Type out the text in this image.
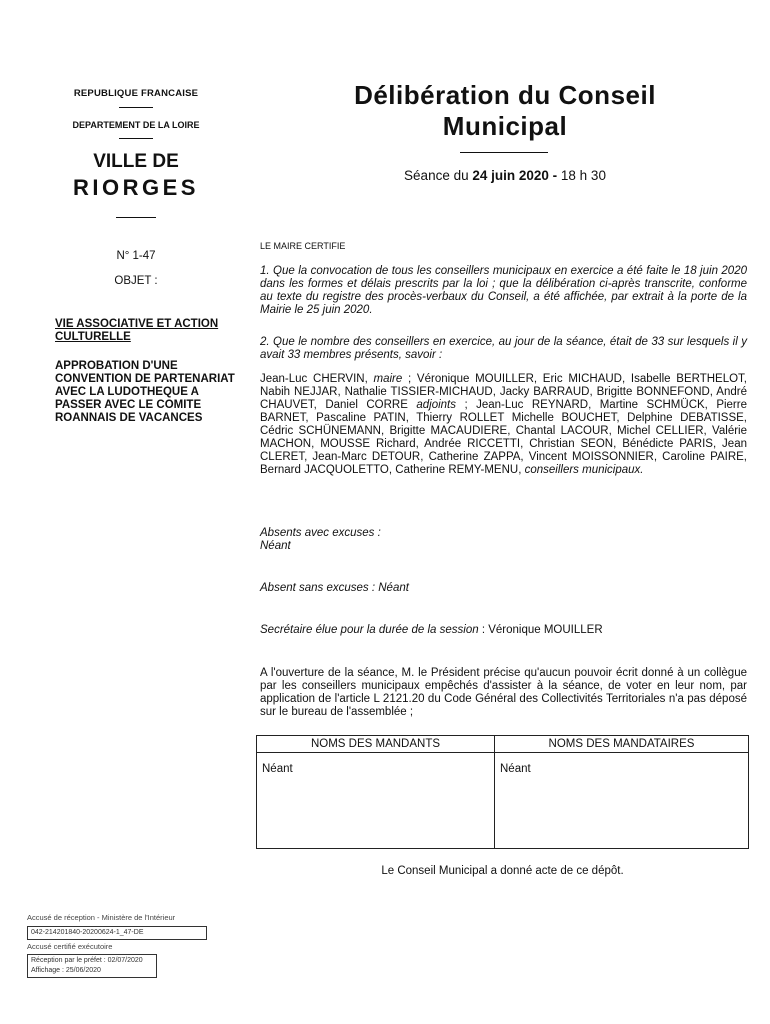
REPUBLIQUE FRANCAISE
DEPARTEMENT DE LA LOIRE
VILLE DE
RIORGES
N° 1-47
OBJET :
VIE ASSOCIATIVE ET ACTION CULTURELLE
APPROBATION D'UNE CONVENTION DE PARTENARIAT AVEC LA LUDOTHEQUE A PASSER AVEC LE COMITE ROANNAIS DE VACANCES
Délibération du Conseil
Municipal
Séance du 24 juin 2020 - 18 h 30
LE MAIRE CERTIFIE
1. Que la convocation de tous les conseillers municipaux en exercice a été faite le 18 juin 2020 dans les formes et délais prescrits par la loi ; que la délibération ci-après transcrite, conforme au texte du registre des procès-verbaux du Conseil, a été affichée, par extrait à la porte de la Mairie le 25 juin 2020.
2. Que le nombre des conseillers en exercice, au jour de la séance, était de 33 sur lesquels il y avait 33 membres présents, savoir :
Jean-Luc CHERVIN, maire ; Véronique MOUILLER, Eric MICHAUD, Isabelle BERTHELOT, Nabih NEJJAR, Nathalie TISSIER-MICHAUD, Jacky BARRAUD, Brigitte BONNEFOND, André CHAUVET, Daniel CORRE adjoints ; Jean-Luc REYNARD, Martine SCHMÜCK, Pierre BARNET, Pascaline PATIN, Thierry ROLLET Michelle BOUCHET, Delphine DEBATISSE, Cédric SCHÜNEMANN, Brigitte MACAUDIERE, Chantal LACOUR, Michel CELLIER, Valérie MACHON, MOUSSE Richard, Andrée RICCETTI, Christian SEON, Bénédicte PARIS, Jean CLERET, Jean-Marc DETOUR, Catherine ZAPPA, Vincent MOISSONNIER, Caroline PAIRE, Bernard JACQUOLETTO, Catherine REMY-MENU, conseillers municipaux.
Absents avec excuses :
Néant
Absent sans excuses : Néant
Secrétaire élue pour la durée de la session : Véronique MOUILLER
A l'ouverture de la séance, M. le Président précise qu'aucun pouvoir écrit donné à un collègue par les conseillers municipaux empêchés d'assister à la séance, de voter en leur nom, par application de l'article L 2121.20 du Code Général des Collectivités Territoriales n'a pas déposé sur le bureau de l'assemblée ;
NOMS DES MANDANTS	NOMS DES MANDATAIRES
Néant	Néant
Le Conseil Municipal a donné acte de ce dépôt.
Accusé de réception - Ministère de l'Intérieur
042-214201840-20200624-1_47-DE
Accusé certifié exécutoire
Réception par le préfet : 02/07/2020
Affichage : 25/06/2020
